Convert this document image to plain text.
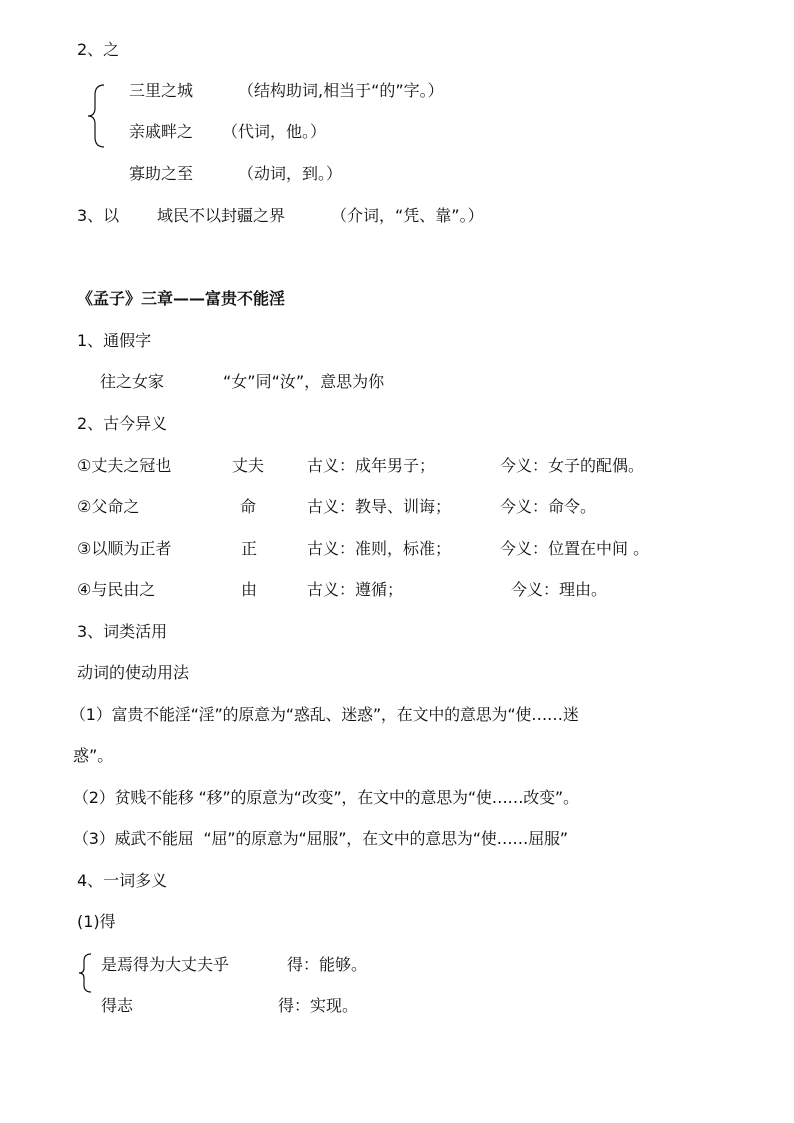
2、之
三里之城	（结构助词,相当于“的”字。）
亲戚畔之 （代词，他。）
寡助之至	（动词，到。）
3、以 域民不以封疆之界	（介词，“凭、靠”。）
《孟子》三章——富贵不能淫
1、通假字
往之女家	“女”同“汝”，意思为你
2、古今异义
①丈夫之冠也	丈夫	古义：成年男子；	今义：女子的配偶。
②父命之	命	古义：教导、训诲；	今义：命令。
③以顺为正者	正	古义：准则，标准；	今义：位置在中间 。
④与民由之	由	古义：遵循；	今义：理由。
3、词类活用
动词的使动用法
（1）富贵不能淫“淫”的原意为“惑乱、迷惑”，在文中的意思为“使……迷
惑”。
（2）贫贱不能移 “移”的原意为“改变”，在文中的意思为“使……改变”。
（3）威武不能屈  “屈”的原意为“屈服”，在文中的意思为“使……屈服”
4、一词多义
(1)得
是焉得为大丈夫乎	得：能够。
得志	得：实现。
